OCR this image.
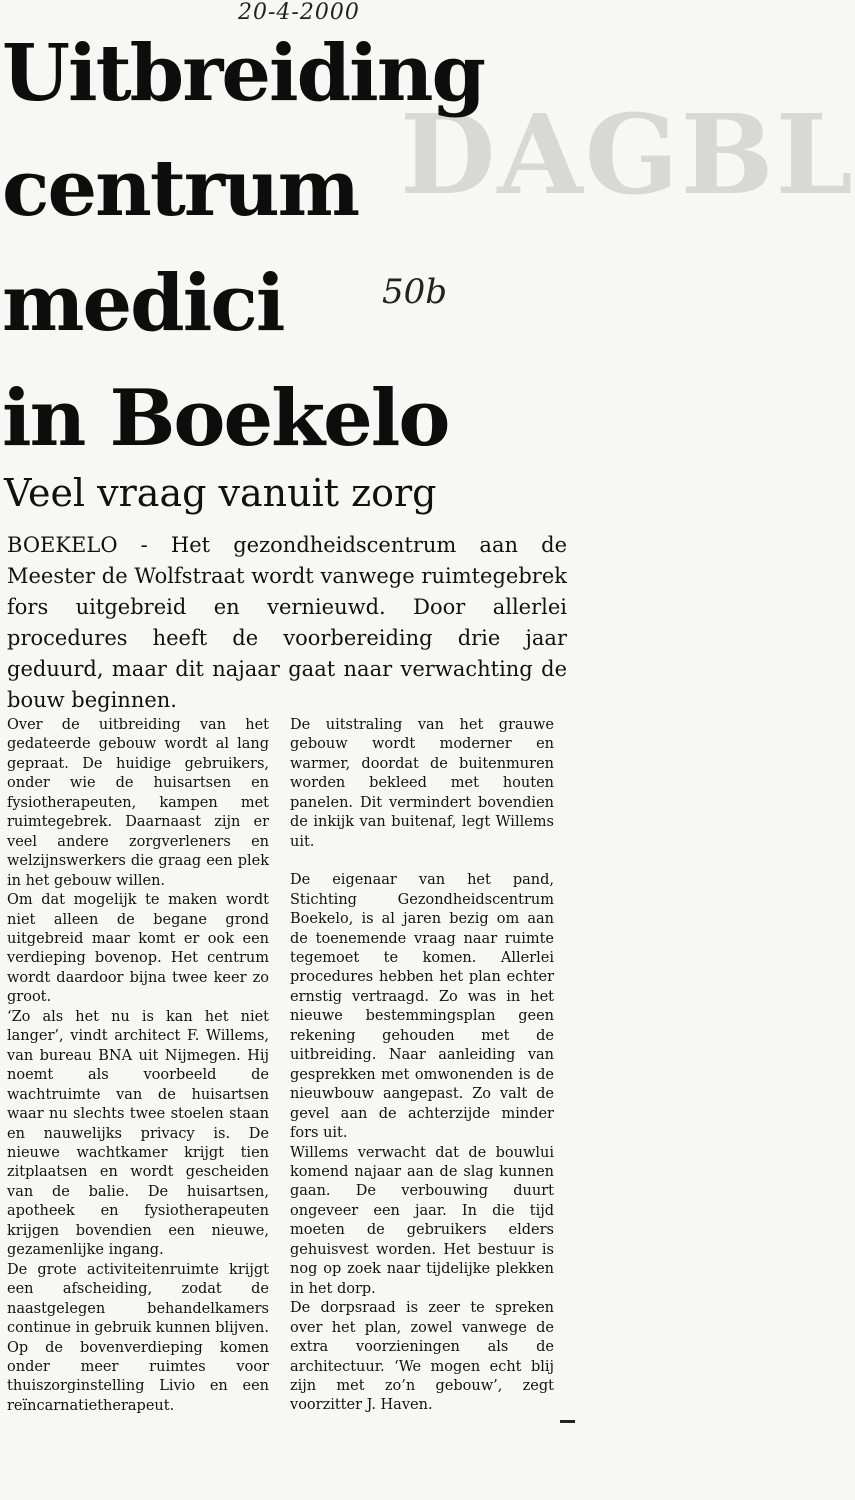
DAGBL
20-4-2000
Uitbreiding
centrum
medici
in Boekelo
50b
Veel vraag vanuit zorg

BOEKELO - Het gezondheidscentrum aan de Meester de Wolfstraat wordt vanwege ruimtegebrek fors uitgebreid en vernieuwd. Door allerlei procedures heeft de voorbereiding drie jaar geduurd, maar dit najaar gaat naar verwachting de bouw beginnen.

Over de uitbreiding van het gedateerde gebouw wordt al lang gepraat. De huidige gebruikers, onder wie de huisartsen en fysiotherapeuten, kampen met ruimtegebrek. Daarnaast zijn er veel andere zorgverleners en welzijnswerkers die graag een plek in het gebouw willen.

Om dat mogelijk te maken wordt niet alleen de begane grond uitgebreid maar komt er ook een verdieping bovenop. Het centrum wordt daardoor bijna twee keer zo groot.

‘Zo als het nu is kan het niet langer’, vindt architect F. Willems, van bureau BNA uit Nijmegen. Hij noemt als voorbeeld de wachtruimte van de huisartsen waar nu slechts twee stoelen staan en nauwelijks privacy is. De nieuwe wachtkamer krijgt tien zitplaatsen en wordt gescheiden van de balie. De huisartsen, apotheek en fysiotherapeuten krijgen bovendien een nieuwe, gezamenlijke ingang.

De grote activiteitenruimte krijgt een afscheiding, zodat de naastgelegen behandelkamers continue in gebruik kunnen blijven. Op de bovenverdieping komen onder meer ruimtes voor thuiszorginstelling Livio en een reïncarnatietherapeut.

De uitstraling van het grauwe gebouw wordt moderner en warmer, doordat de buitenmuren worden bekleed met houten panelen. Dit vermindert bovendien de inkijk van buitenaf, legt Willems uit.

De eigenaar van het pand, Stichting Gezondheidscentrum Boekelo, is al jaren bezig om aan de toenemende vraag naar ruimte tegemoet te komen. Allerlei procedures hebben het plan echter ernstig vertraagd. Zo was in het nieuwe bestemmingsplan geen rekening gehouden met de uitbreiding. Naar aanleiding van gesprekken met omwonenden is de nieuwbouw aangepast. Zo valt de gevel aan de achterzijde minder fors uit.

Willems verwacht dat de bouwlui komend najaar aan de slag kunnen gaan. De verbouwing duurt ongeveer een jaar. In die tijd moeten de gebruikers elders gehuisvest worden. Het bestuur is nog op zoek naar tijdelijke plekken in het dorp.

De dorpsraad is zeer te spreken over het plan, zowel vanwege de extra voorzieningen als de architectuur. ‘We mogen echt blij zijn met zo’n gebouw’, zegt voorzitter J. Haven.
